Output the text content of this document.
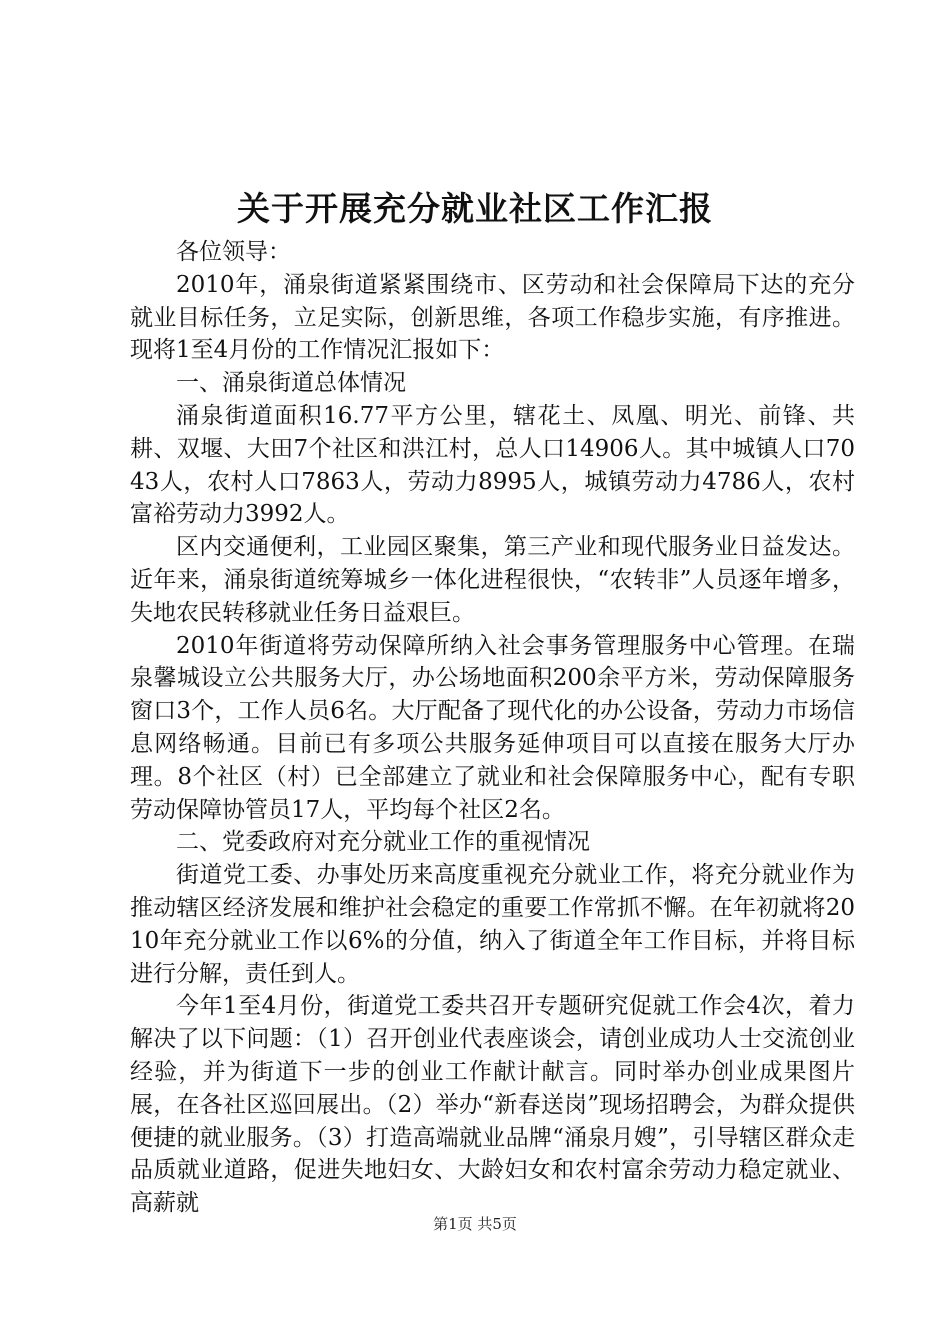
关于开展充分就业社区工作汇报

各位领导：

2010年，涌泉街道紧紧围绕市、区劳动和社会保障局下达的充分就业目标任务，立足实际，创新思维，各项工作稳步实施，有序推进。现将1至4月份的工作情况汇报如下：

一、涌泉街道总体情况

涌泉街道面积16.77平方公里，辖花土、凤凰、明光、前锋、共耕、双堰、大田7个社区和洪江村，总人口14906人。其中城镇人口7043人，农村人口7863人，劳动力8995人，城镇劳动力4786人，农村富裕劳动力3992人。

区内交通便利，工业园区聚集，第三产业和现代服务业日益发达。近年来，涌泉街道统筹城乡一体化进程很快，“农转非”人员逐年增多，失地农民转移就业任务日益艰巨。

2010年街道将劳动保障所纳入社会事务管理服务中心管理。在瑞泉馨城设立公共服务大厅，办公场地面积200余平方米，劳动保障服务窗口3个，工作人员6名。大厅配备了现代化的办公设备，劳动力市场信息网络畅通。目前已有多项公共服务延伸项目可以直接在服务大厅办理。8个社区（村）已全部建立了就业和社会保障服务中心，配有专职劳动保障协管员17人，平均每个社区2名。

二、党委政府对充分就业工作的重视情况

街道党工委、办事处历来高度重视充分就业工作，将充分就业作为推动辖区经济发展和维护社会稳定的重要工作常抓不懈。在年初就将2010年充分就业工作以6%的分值，纳入了街道全年工作目标，并将目标进行分解，责任到人。

今年1至4月份，街道党工委共召开专题研究促就工作会4次，着力解决了以下问题：（1）召开创业代表座谈会，请创业成功人士交流创业经验，并为街道下一步的创业工作献计献言。同时举办创业成果图片展，在各社区巡回展出。（2）举办“新春送岗”现场招聘会，为群众提供便捷的就业服务。（3）打造高端就业品牌“涌泉月嫂”，引导辖区群众走品质就业道路，促进失地妇女、大龄妇女和农村富余劳动力稳定就业、高薪就

第1页 共5页
